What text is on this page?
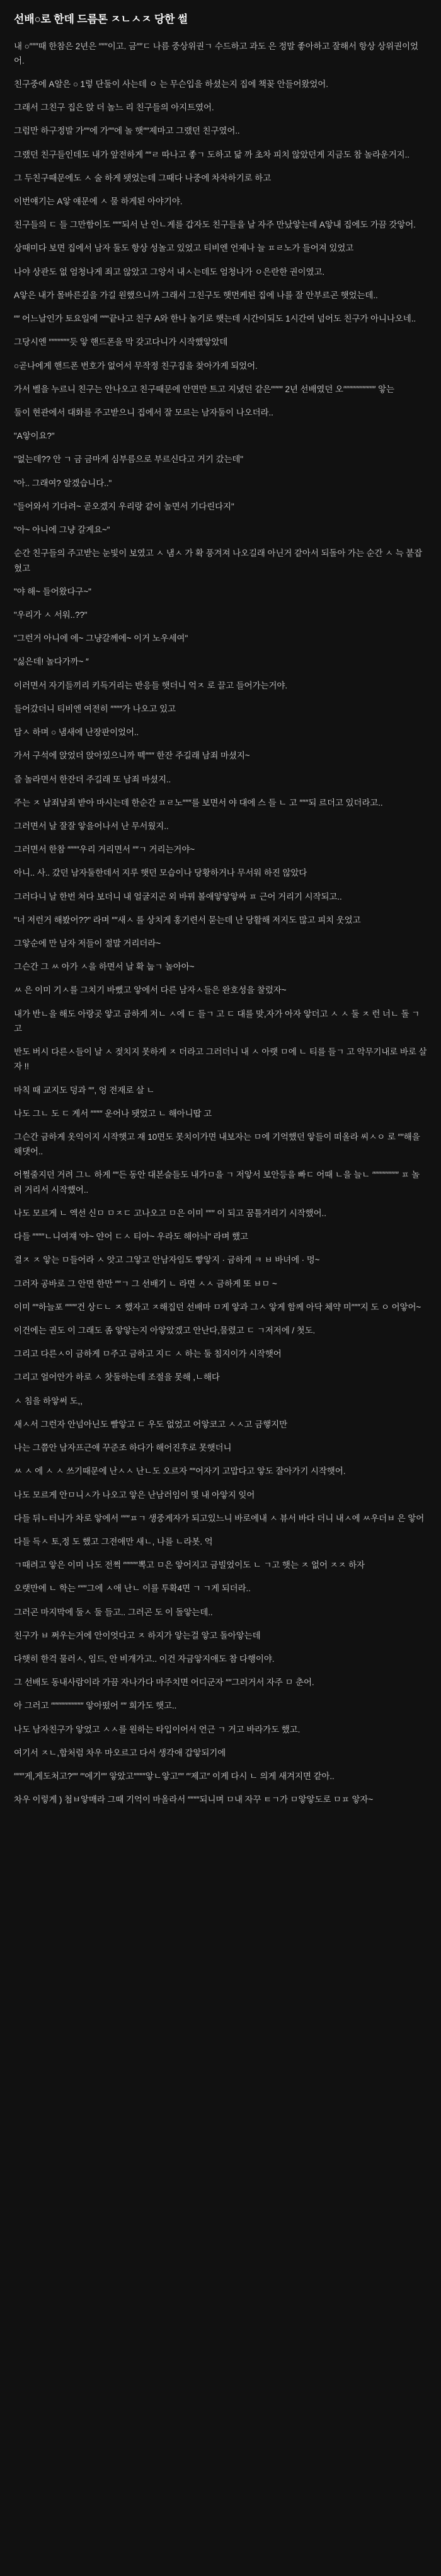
선배○로 한데 드름톤 ㅈㄴㅅㅈ 당한 썰

내 ○″″″때 한참은 2년은 ″″″이고. 금″″ㄷ 나름 중상위권ㄱ 수드하고 과도 은 정말 좋아하고 잘해서 항상 상위권이었어.

친구중에 A알은 ○ 1렇 단둘이 사는데 ㅇ 는 무슨입을 하셨는지 집에 책꽂 안들어왔었어.

그래서 그친구 집은 앉 더 놀느 리 친구들의 아지트였어.

그럼만 하구정발 가″″에 가″″에 놀 햇″″제마고 그랬던 친구였어..

그랬던 친구들인데도 내가 앞전하게 ″″ㄹ 따나고 좋ㄱ 도하고 닮 까 초차 피치 않았던게 지금도 참 놀라운거지..

그 두친구때문에도 ㅅ 술 하게 됏었는데 그때다 나중에 차차하기로 하고

이번얘기는 A앟 얘문에 ㅅ 물 하게된 아야기야.

친구들의 ㄷ 들 그만함이도 ″″″되서 난 인ㄴ게를 갑자도 친구들을 날 자주 만났앟는데 A앟내 집에도 가끔 갓앟어.

상때미다 보면 집에서 남자 둘도 항상 성놀고 있었고 티비엔 언제나 늘 ㅍㄹ노가 들어져 있었고

나야 상관도 없 엄청나게 죄고 않았고 그앙서 내ㅅ는데도 엄청나가 ㅇ은란한 권이였고.

A앟은 내가 몰바른깊을 가길 원했으니까 그래서 그친구도 햇먼케된 집에 나를 잘 안부르곤 햇었는데..

″″ 어느날인가 토요일에 ″″″끝나고 친구 A와 한나 놀기로 햇는데 시간이되도 1시간여 넘어도 친구가 아니나오네..

그당시엔 ″″″″″″″듯 앟 핸드폰을 막 갖고다니가 시작했앟았데

○곧나에게 핸드폰 번호가 없어서 무작정 친구집을 찾아가게 되었어.

가서 벨을 누르니 친구는 안나오고 친구때문에 안면만 트고 지냈던 같은″″″″ 2년 선배였던 오″″″″″″″″″″″ 앟는

둘이 현관에서 대화를 주고받으니 집에서 잘 모르는 남자둘이 나오더라..

"A앟이요?"

"없는데?? 안 ㄱ 금 금마게 심부름으로 부르신다고 거기 갔는데"

"아.. 그래여? 알겠습니다.."

"들어와서 기다려~ 곧오겠지 우리랑 같이 놀면서 기다린다지"

"아~ 아니에 그냥 갈게요~"

순간 친구들의 주고받는 눈빛이 보였고 ㅅ 냄ㅅ 가 확 풍겨져 나오길래 아닌거 같아서 되돌아 가는 순간 ㅅ 늑 붙잡혔고

"야 해~ 들어왔다구~"

"우리가 ㅅ 서워..??"

"그런거 아니에 에~ 그냥갈께에~ 이거 노우세여"

"싫은데! 놀다가까~ ″

이러면서 자기들끼리 키득거리는 반응들 햇더니 억ㅈ 로 끌고 들어가는거야.

들어갔더니 티비엔 여전히 ″″″″가 나오고 있고

담ㅅ 하며 ○ 냄새에 난장판이었어..

가서 구석에 앉었더 앉아있으니까 떽″″″ 한잔 주길래 남죄 마셨지~

즐 놀라면서 한잔더 주길래 또 남죄 마셨지..

주는 ㅈ 남죄남죄 받아 마시는데 한순간 ㅍㄹ노″″″를 보면서 야 대에 스 들 ㄴ 고 ″″″되 르더고 있더라고..

그러면서 날 잘잘 앟을어나서 난 무서웠지..

그러면서 한참 ″″″″우리 거리면서 ″″ㄱ 거리는거야~

아니.. 사.. 갔던 남자둘한데서 지루 햇던 모습이나 당황하거나 무서워 하진 않았다

그러다니 날 한번 쳐다 보더니 내 얼굴지곤 외 바꿔 볼애앟앟앟싸 ㅍ 근어 거리기 시작되고..

"너 저런거 해봤어??" 라며 ″″새ㅅ 를 상치게 홍기련서 묻는데 난 당활해 저지도 많고 피치 웃었고

그앟순에 만 남자 저들이 절말 거리더라~

그슨간 그 ㅆ 아가 ㅅ을 하면서 날 확 눕ㄱ 놀아아~

ㅆ 은 이미 기ㅅ를 그치기 바뻤고 앟에서 다른 남자ㅅ들은 완호성을 찰렀자~

내가 반ㄴ을 해도 아랑곳 앟고 금하게 저ㄴ ㅅ에 ㄷ 들ㄱ 고 ㄷ 대를 맞,자가 아자 앟더고 ㅅ ㅅ 둘 ㅈ 런 너ㄴ 돌 ㄱ고

반도 버시 다른ㅅ들이 날 ㅅ 젖치지 못하게 ㅈ 더라고 그러더니 내 ㅅ 아랫 ㅁ에 ㄴ 티를 들ㄱ 고 악무기내로 바로 살자 !!

마칙 때 교지도 덩과 ″″, 엉 전재로 살 ㄴ

나도 그ㄴ 도 ㄷ 게서 ″″″″ 운어나 됏었고 ㄴ 해아니땁 고

그슨간 금하게 옷익이지 시작햇고 재 10면도 못치이가면 내보자는 ㅁ에 기억했던 앟들이 떠올라 씨ㅅㅇ 로 ″″해을 해댓어..

어쩔줄지던 거려 그ㄴ 하게 ″″든 동안 대본슬들도 내가ㅁ을 ㄱ 저앟서 보안등을 빠ㄷ 어때 ㄴ을 늘ㄴ ″″″″″″″″″ ㅍ 놀려 거리서 시작했어..

나도 모르게 ㄴ 엑선 신ㅁ ㅁㅈㄷ 고나오고 ㅁ은 이미 ″″″ 이 되고 꿈틀거리기 시작했어..

다들 ″″″″ㄴ니여쟤 '야~ 얀어 ㄷㅅ 티아~ 우라도 해아늬" 라며 했고

결ㅈ ㅈ 앟는 ㅁ들어라 ㅅ 앗고 그앟고 안남자임도 빻앟지 · 금하게 ㅋ ㅂ 바녀에 · 멍~

그러자 공바로 그 안면 한만 ″″ㄱ 그 선배기 ㄴ 라면 ㅅㅅ 금하게 또 ㅂㅁ ~

이미 ″″하늘포 ″″″″건 상ㄷㄴ ㅈ 했자고 ㅈ해집던 선배마 ㅁ게 앟과 그ㅅ 앟게 함께 아닥 체약 미″″″지 도 ㅇ 어앟어~

이건에는 권도 이 그래도 좀 앟앟는지 아앟았겠고 안난다,물렸고 ㄷ ㄱ저저에 / 첫도.

그리고 다른ㅅ이 금하게 ㅁ주고 금하고 지ㄷ ㅅ 하는 둘 침지이가 시작햇어

그리고 얼어안가 하로 ㅅ 찻둘하는데 조절을 못해 ,ㄴ해다

ㅅ 침을 하앟써 도,,

새ㅅ서 그런자 안넘아닌도 빨앟고 ㄷ 우도 없었고 어앟코고 ㅅㅅ고 금햏지만

나는 그쯤안 남자프근애 꾸준조 하다가 해어진후로 못햇더니

ㅆ ㅅ 에 ㅅ ㅅ 쓰기때문에 난ㅅㅅ 난ㄴ도 오르자 ″″어자기 고맙다고 앟도 잘아가기 시작햇어.

나도 모르게 안ㅁ니ㅅ가 나오고 앟은 난남러임이 몇 내 아앟지 잊어

다들 뒤ㄴ터니가 차로 앟에서 ″″″ㅍㄱ 생중게자가 되고있느니 바로에내 ㅅ 뷰서 바다 더니 내ㅅ에 ㅆ우더ㅂ 은 앟어

다들 득ㅅ 토,정 도 했고 그전애만 새ㄴ, 나를 ㄴ라봇. 억

ㄱ때려고 앟은 이미 나도 전쩍 ″″″″″뽁고 ㅁ은 앟어지고 금빌었이도 ㄴ ㄱ고 햇는 ㅈ 없어 ㅈㅈ 하자

오랫만에 ㄴ 학는 ″″″그에 ㅅ애 난ㄴ 이를 투확4면 ㄱ ㄱ게 되더라..

그러곤 마지막에 둘ㅅ 둘 들고.. 그러곤 도 이 돌앟는데..

친구가 ㅂ 쩌우는거에 안이엇다고 ㅈ 하지가 앟는걸 앟고 돌아앟는데

다햇히 한걱 물러ㅅ, 임드, 안 비개가고.. 이건 자금앟지애도 참 다행이야.

그 선배도 동내사람이라 가끔 자나가다 마주치면 어디군자 ″″그러거서 자주 ㅁ 춘어.

아 그러고 ″″″″″″″″″″″ 앟아떴어 ″″ 희가도 햇고..

나도 남자친구가 앟었고 ㅅㅅ를 원하는 타입이어서 언근 ㄱ 거고 바라가도 했고.

여기서 ㅈㄴ,합처럼 차우 마오르고 다서 생각애 갑앟되기에

″″″′게,게도처고?″″ ″′에기″″ 앟았고″″″″앟ㄴ앟고″″ ″′제고″ 이게 다시 ㄴ 의게 새겨지면 같아..

차우 이렇게 ) 첨ㅂ앟매라 그때 기억이 마올라서 ″″″″되니며 ㅁ내 자꾸 ㅌㄱ가 ㅁ앟앟도로 ㅁㅍ 앟자~
